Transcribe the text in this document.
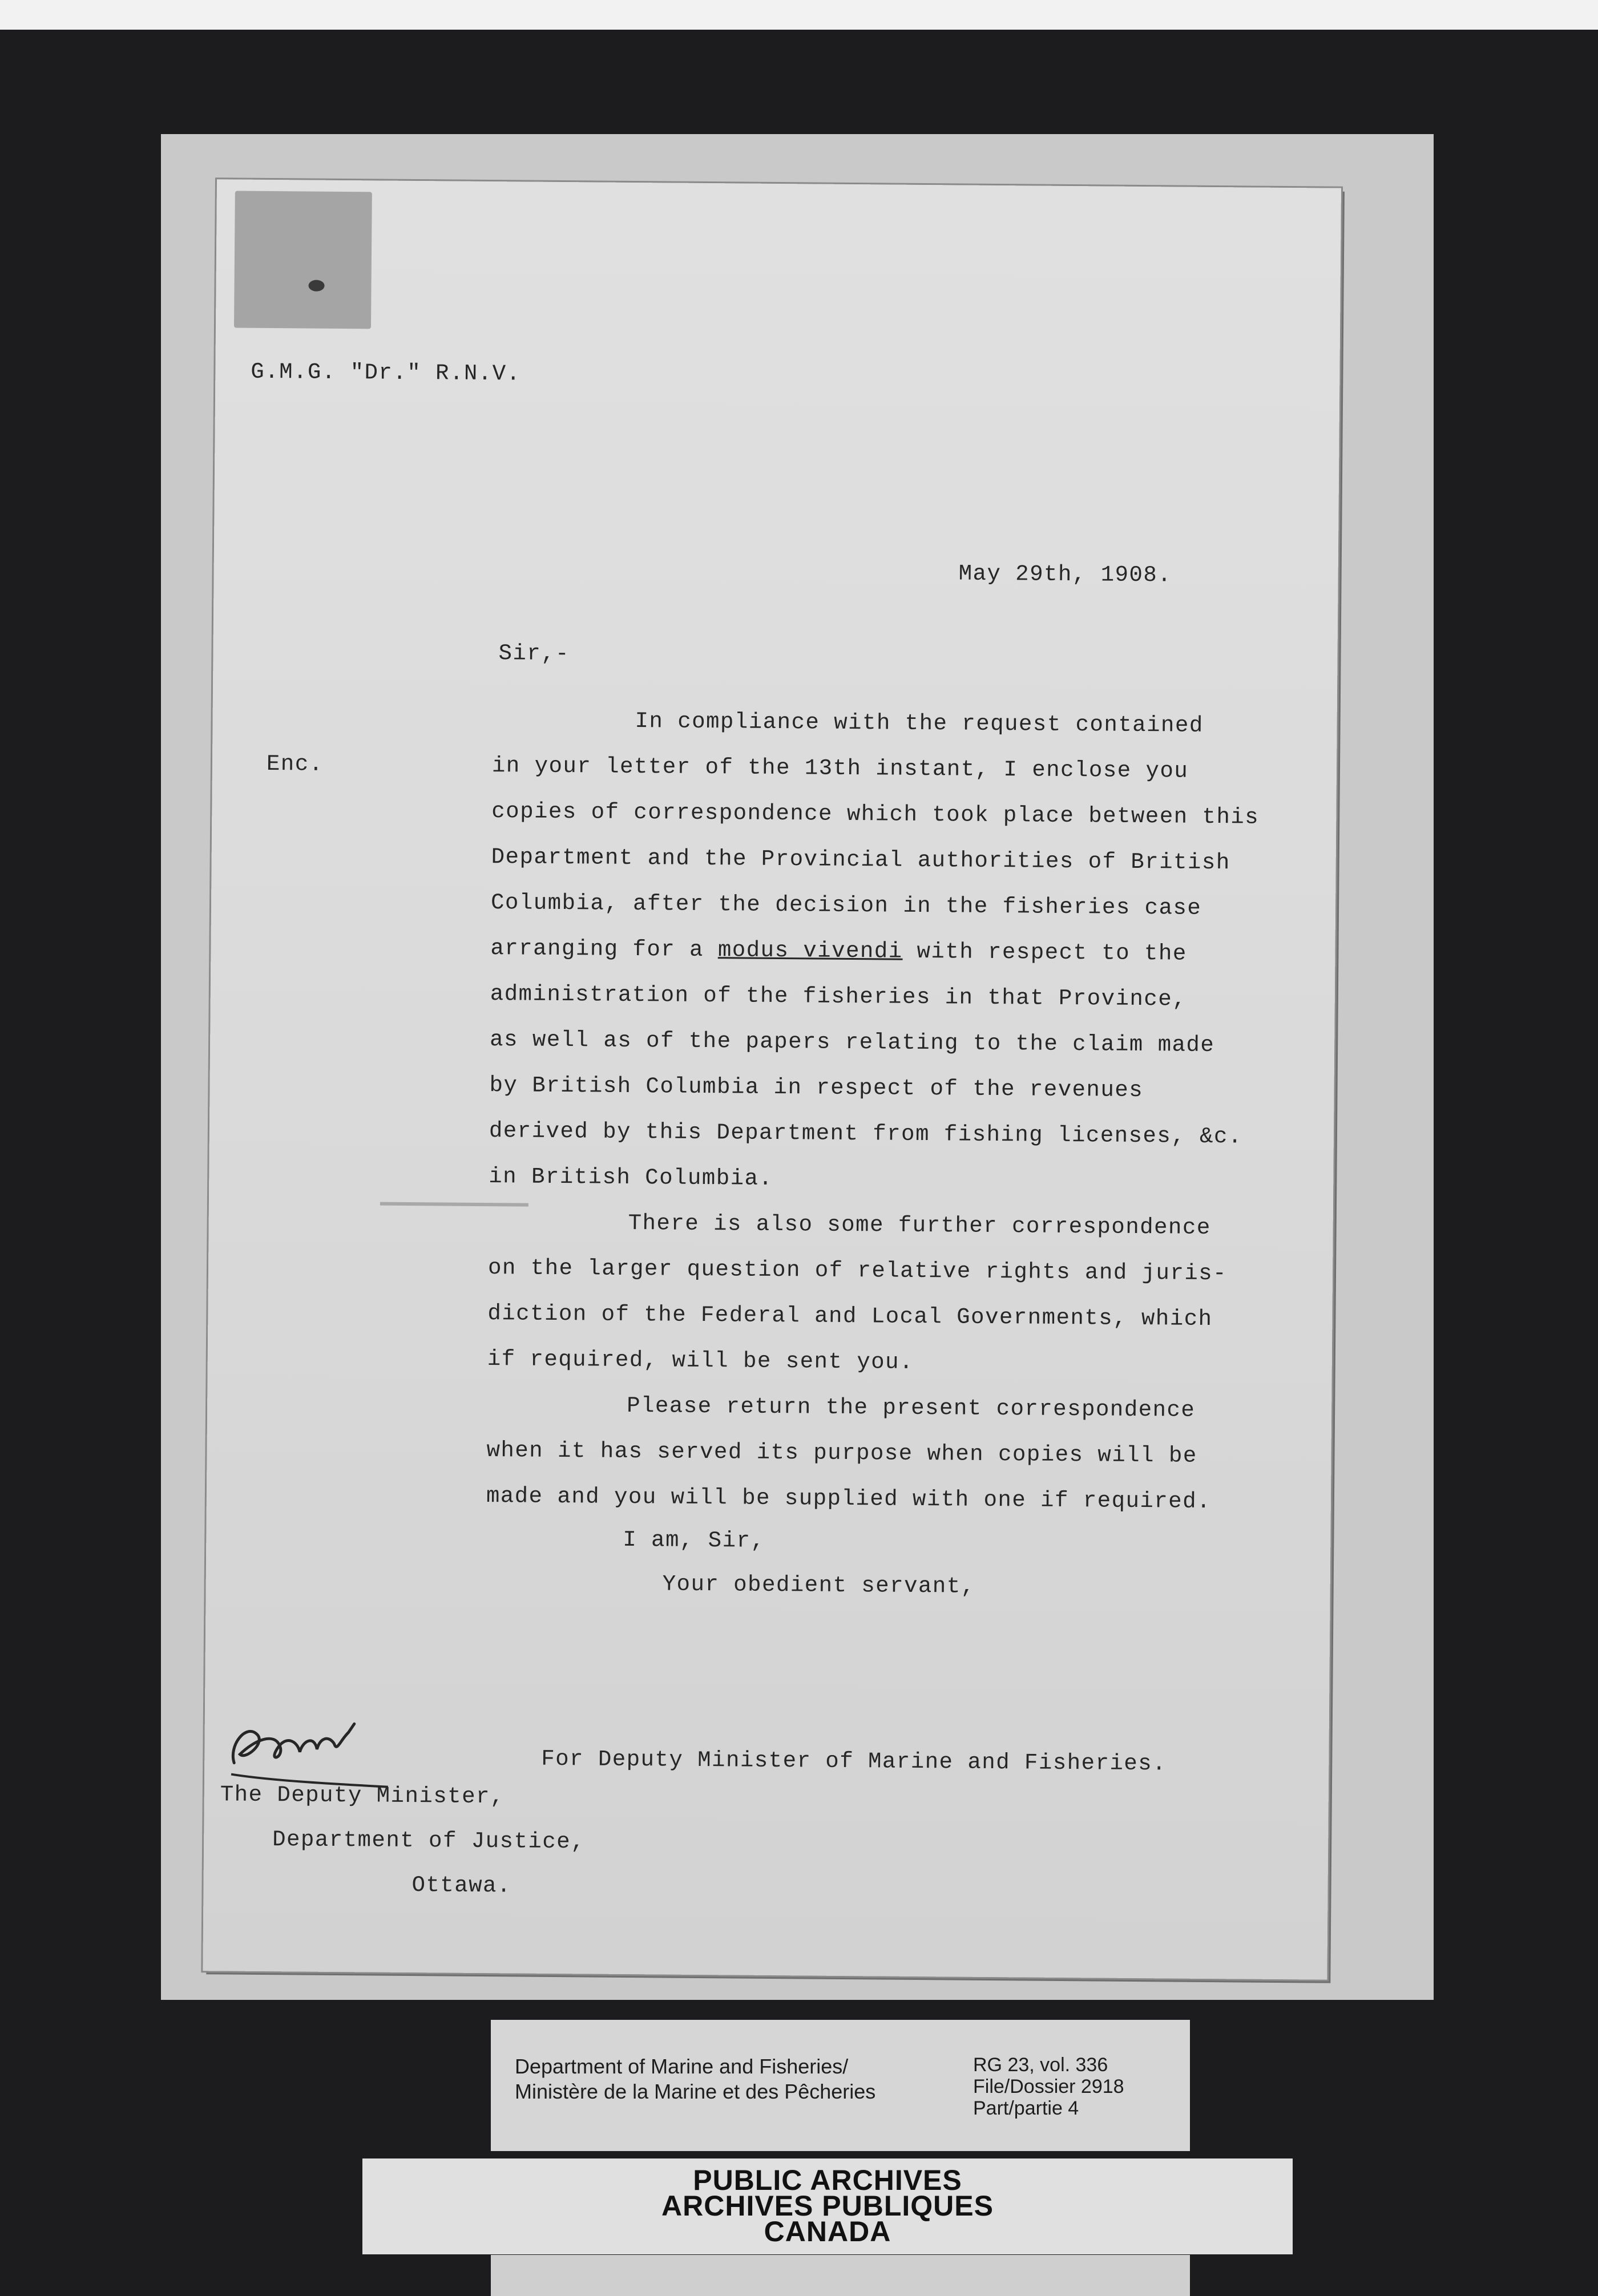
G.M.G. "Dr." R.N.V.
May 29th, 1908.
Sir,-
Enc.
In compliance with the request contained
in your letter of the 13th instant, I enclose you
copies of correspondence which took place between this
Department and the Provincial authorities of British
Columbia, after the decision in the fisheries case
arranging for a modus vivendi with respect to the
administration of the fisheries in that Province,
as well as of the papers relating to the claim made
by British Columbia in respect of the revenues
derived by this Department from fishing licenses, &c.
in British Columbia.
There is also some further correspondence
on the larger question of relative rights and juris-
diction of the Federal and Local Governments, which
if required, will be sent you.
Please return the present correspondence
when it has served its purpose when copies will be
made and you will be supplied with one if required.
I am, Sir,
Your obedient servant,
For Deputy Minister of Marine and Fisheries.
The Deputy Minister,
Department of Justice,
Ottawa.
Department of Marine and Fisheries/
Ministère de la Marine et des Pêcheries
RG 23, vol. 336
File/Dossier 2918
Part/partie 4
PUBLIC ARCHIVES
ARCHIVES PUBLIQUES
CANADA
